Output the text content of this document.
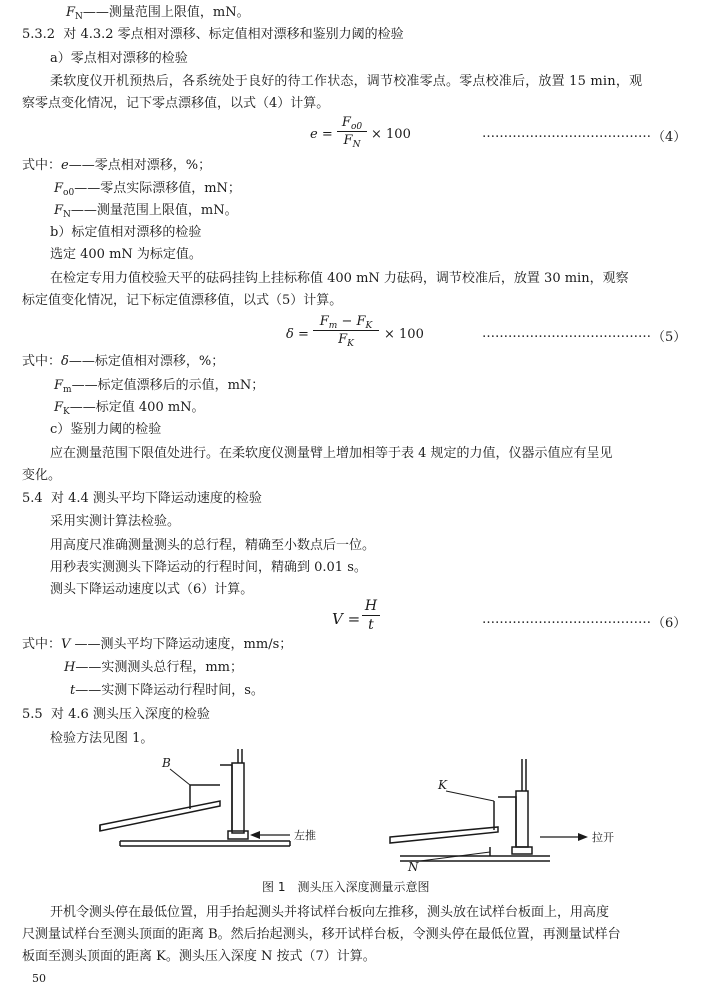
$F_N——$测量范围上限值，mN。
5.3.2 对 4.3.2 零点相对漂移、标定值相对漂移和鉴别力阈的检验
a）零点相对漂移的检验
柔软度仪开机预热后，各系统处于良好的待工作状态，调节校准零点。零点校准后，放置 15 min，观
察零点变化情况，记下零点漂移值，以式（4）计算。
e =
$F_{o0}$
$F_N$
× 100	………………………………… （4）
式中：e——零点相对漂移，%；
$F_{o0}——$零点实际漂移值，mN；
$F_N——$测量范围上限值，mN。
b）标定值相对漂移的检验
选定 400 mN 为标定值。
在检定专用力值校验天平的砝码挂钩上挂标称值 400 mN 力砝码，调节校准后，放置 30 min，观察
标定值变化情况，记下标定值漂移值，以式（5）计算。
δ =
$F_m - F_K$
$F_K$
× 100	………………………………… （5）
式中：δ——标定值相对漂移，%；
$F_m——$标定值漂移后的示值，mN；
$F_K——$标定值 400 mN。
c）鉴别力阈的检验
应在测量范围下限值处进行。在柔软度仪测量臂上增加相等于表 4 规定的力值，仪器示值应有呈见
变化。
5.4 对 4.4 测头平均下降运动速度的检验
采用实测计算法检验。
用高度尺准确测量测头的总行程，精确至小数点后一位。
用秒表实测测头下降运动的行程时间，精确到 0.01 s。
测头下降运动速度以式（6）计算。
V =
H
t	………………………………… （6）
式中：V ——测头平均下降运动速度，mm/s；
H——实测测头总行程，mm；
t——实测下降运动行程时间，s。
5.5 对 4.6 测头压入深度的检验
检验方法见图 1。
B
左推
K
N
拉开
图 1　测头压入深度测量示意图
开机令测头停在最低位置，用手抬起测头并将试样台板向左推移，测头放在试样台板面上，用高度
尺测量试样台至测头顶面的距离 B。然后抬起测头，移开试样台板，令测头停在最低位置，再测量试样台
板面至测头顶面的距离 K。测头压入深度 N 按式（7）计算。
50
